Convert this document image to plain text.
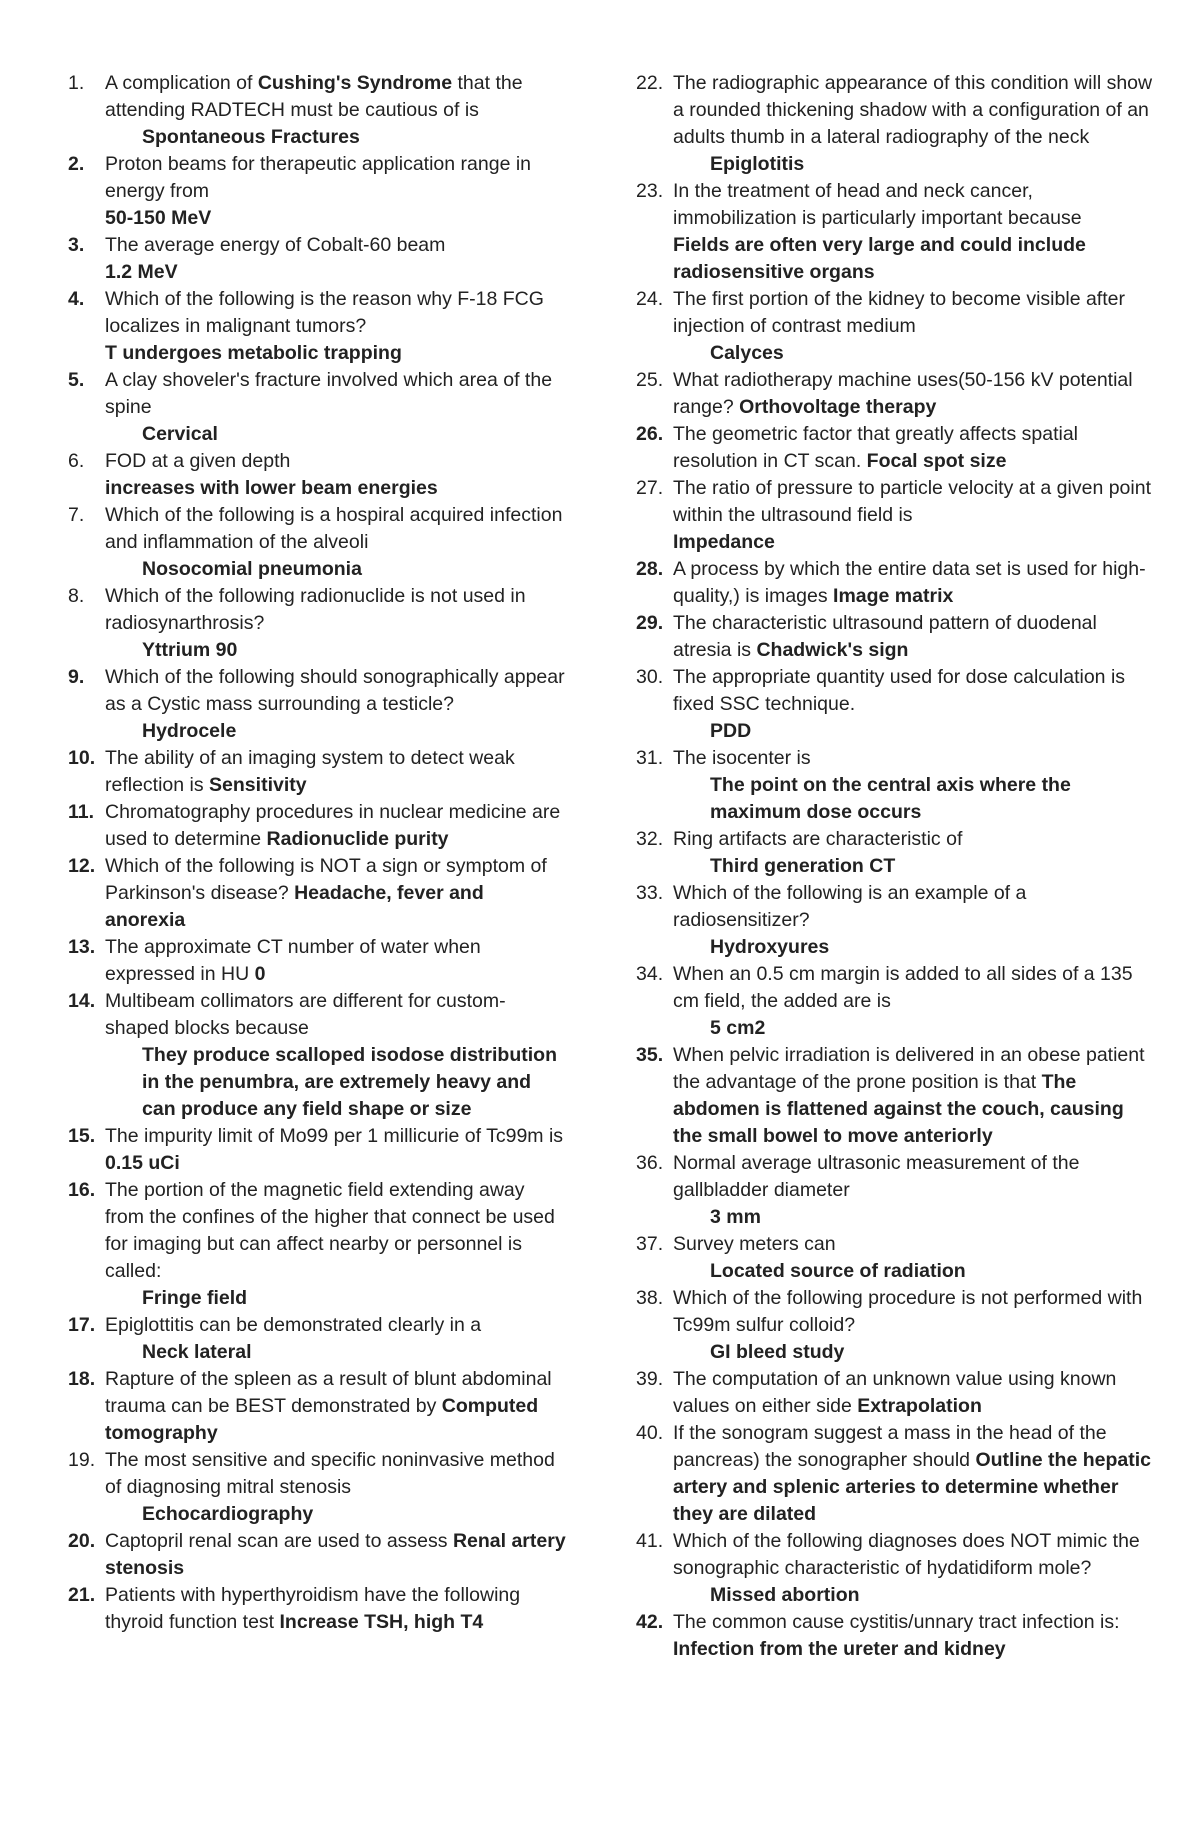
1.	A complication of Cushing's Syndrome that the attending RADTECH must be cautious of is
Spontaneous Fractures
2.	Proton beams for therapeutic application range in energy from
50-150 MeV
3.	The average energy of Cobalt-60 beam
1.2 MeV
4.	Which of the following is the reason why F-18 FCG localizes in malignant tumors?
T undergoes metabolic trapping
5.	A clay shoveler's fracture involved which area of the spine
Cervical
6.	FOD at a given depth
increases with lower beam energies
7.	Which of the following is a hospiral acquired infection and inflammation of the alveoli
Nosocomial pneumonia
8.	Which of the following radionuclide is not used in radiosynarthrosis?
Yttrium 90
9.	Which of the following should sonographically appear as a Cystic mass surrounding a testicle?
Hydrocele
10. The ability of an imaging system to detect weak reflection is Sensitivity
11. Chromatography procedures in nuclear medicine are used to determine Radionuclide purity
12. Which of the following is NOT a sign or symptom of Parkinson's disease? Headache, fever and anorexia
13. The approximate CT number of water when expressed in HU 0
14. Multibeam collimators are different for custom-shaped blocks because
They produce scalloped isodose distribution in the penumbra, are extremely heavy and can produce any field shape or size
15. The impurity limit of Mo99 per 1 millicurie of Tc99m is 0.15 uCi
16. The portion of the magnetic field extending away from the confines of the higher that connect be used for imaging but can affect nearby or personnel is called:
Fringe field
17. Epiglottitis can be demonstrated clearly in a
Neck lateral
18. Rapture of the spleen as a result of blunt abdominal trauma can be BEST demonstrated by Computed tomography
19. The most sensitive and specific noninvasive method of diagnosing mitral stenosis
Echocardiography
20. Captopril renal scan are used to assess Renal artery stenosis
21. Patients with hyperthyroidism have the following thyroid function test Increase TSH, high T4
22. The radiographic appearance of this condition will show a rounded thickening shadow with a configuration of an adults thumb in a lateral radiography of the neck
Epiglotitis
23. In the treatment of head and neck cancer, immobilization is particularly important because
Fields are often very large and could include radiosensitive organs
24. The first portion of the kidney to become visible after injection of contrast medium
Calyces
25. What radiotherapy machine uses(50-156 kV potential range? Orthovoltage therapy
26. The geometric factor that greatly affects spatial resolution in CT scan. Focal spot size
27. The ratio of pressure to particle velocity at a given point within the ultrasound field is
Impedance
28. A process by which the entire data set is used for high-quality,) is images Image matrix
29. The characteristic ultrasound pattern of duodenal atresia is Chadwick's sign
30. The appropriate quantity used for dose calculation is fixed SSC technique.
PDD
31. The isocenter is
The point on the central axis where the maximum dose occurs
32. Ring artifacts are characteristic of
Third generation CT
33. Which of the following is an example of a radiosensitizer?
Hydroxyures
34. When an 0.5 cm margin is added to all sides of a 135 cm field, the added are is
5 cm2
35. When pelvic irradiation is delivered in an obese patient the advantage of the prone position is that The abdomen is flattened against the couch, causing the small bowel to move anteriorly
36. Normal average ultrasonic measurement of the gallbladder diameter
3 mm
37. Survey meters can
Located source of radiation
38. Which of the following procedure is not performed with Tc99m sulfur colloid?
GI bleed study
39. The computation of an unknown value using known values on either side Extrapolation
40. If the sonogram suggest a mass in the head of the pancreas) the sonographer should Outline the hepatic artery and splenic arteries to determine whether they are dilated
41. Which of the following diagnoses does NOT mimic the sonographic characteristic of hydatidiform mole?
Missed abortion
42. The common cause cystitis/unnary tract infection is: Infection from the ureter and kidney
